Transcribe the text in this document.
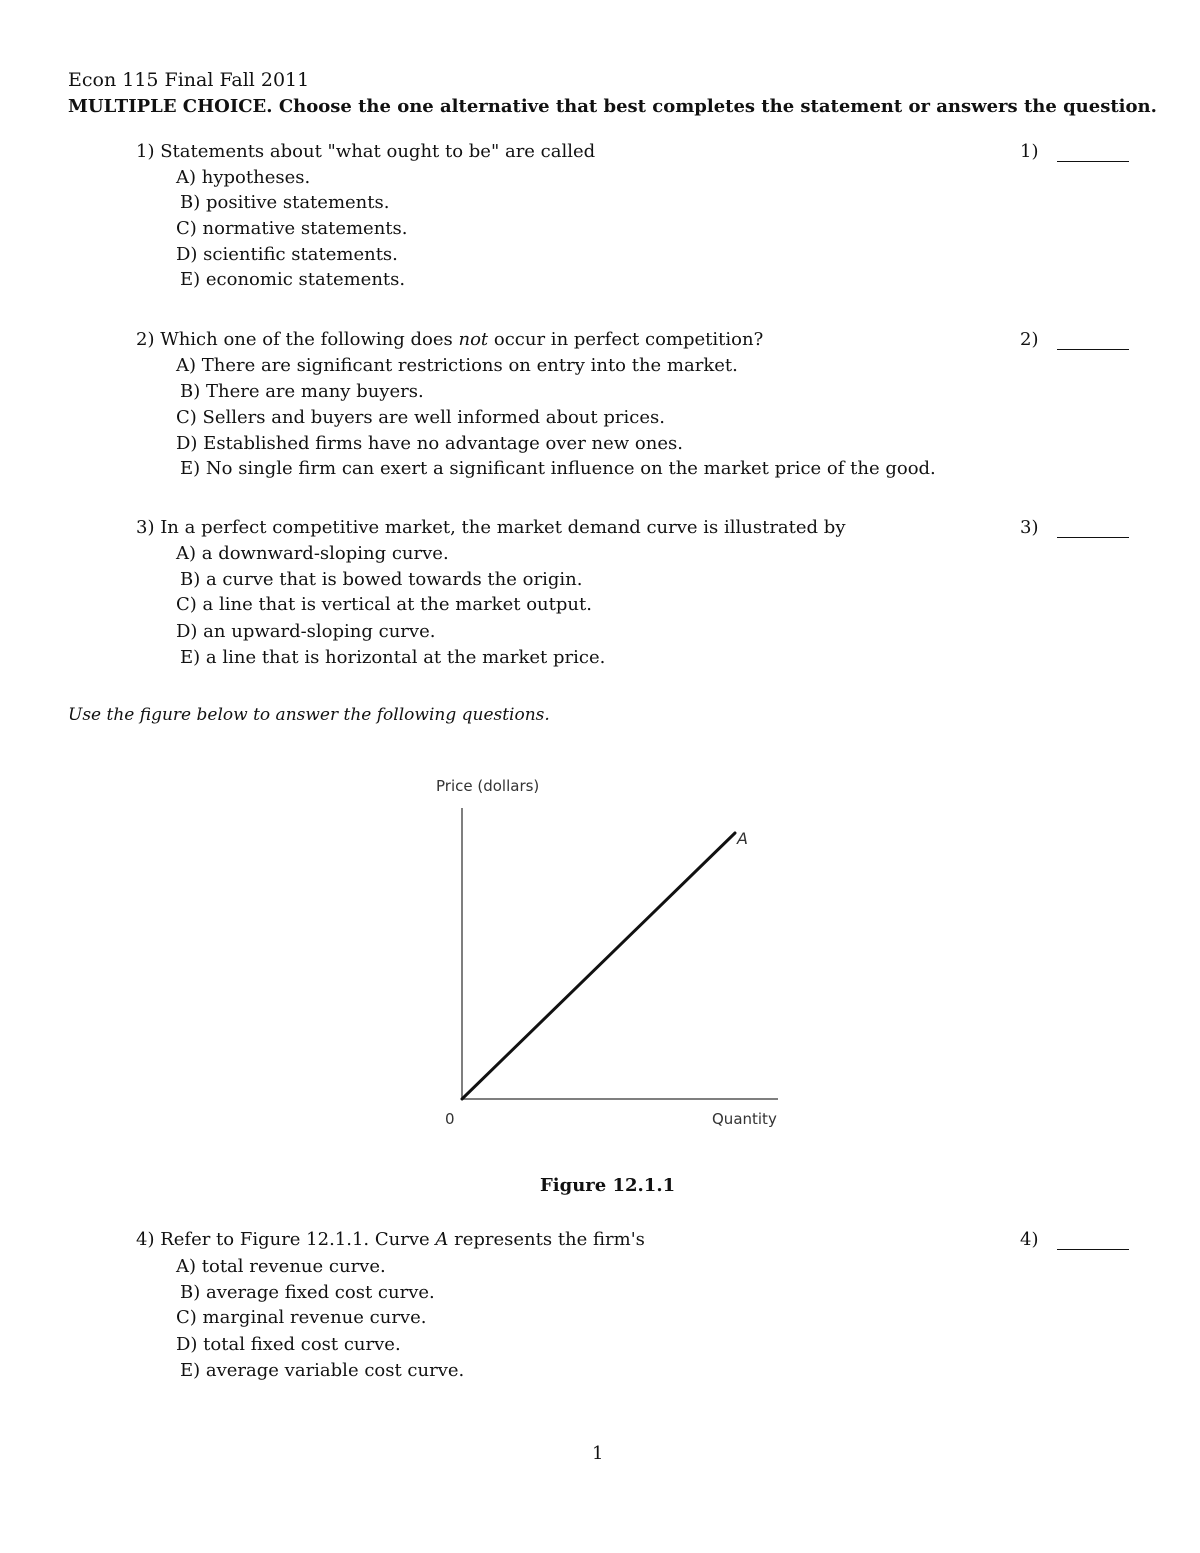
Econ 115 Final Fall 2011
MULTIPLE CHOICE. Choose the one alternative that best completes the statement or answers the question.
1) Statements about "what ought to be" are called	1)
A) hypotheses.
B) positive statements.
C) normative statements.
D) scientific statements.
E) economic statements.
2) Which one of the following does not occur in perfect competition?	2)
A) There are significant restrictions on entry into the market.
B) There are many buyers.
C) Sellers and buyers are well informed about prices.
D) Established firms have no advantage over new ones.
E) No single firm can exert a significant influence on the market price of the good.
3) In a perfect competitive market, the market demand curve is illustrated by	3)
A) a downward-sloping curve.
B) a curve that is bowed towards the origin.
C) a line that is vertical at the market output.
D) an upward-sloping curve.
E) a line that is horizontal at the market price.
Use the figure below to answer the following questions.
Price (dollars)
A
0	Quantity
Figure 12.1.1
4) Refer to Figure 12.1.1. Curve A represents the firm's	4)
A) total revenue curve.
B) average fixed cost curve.
C) marginal revenue curve.
D) total fixed cost curve.
E) average variable cost curve.
1
